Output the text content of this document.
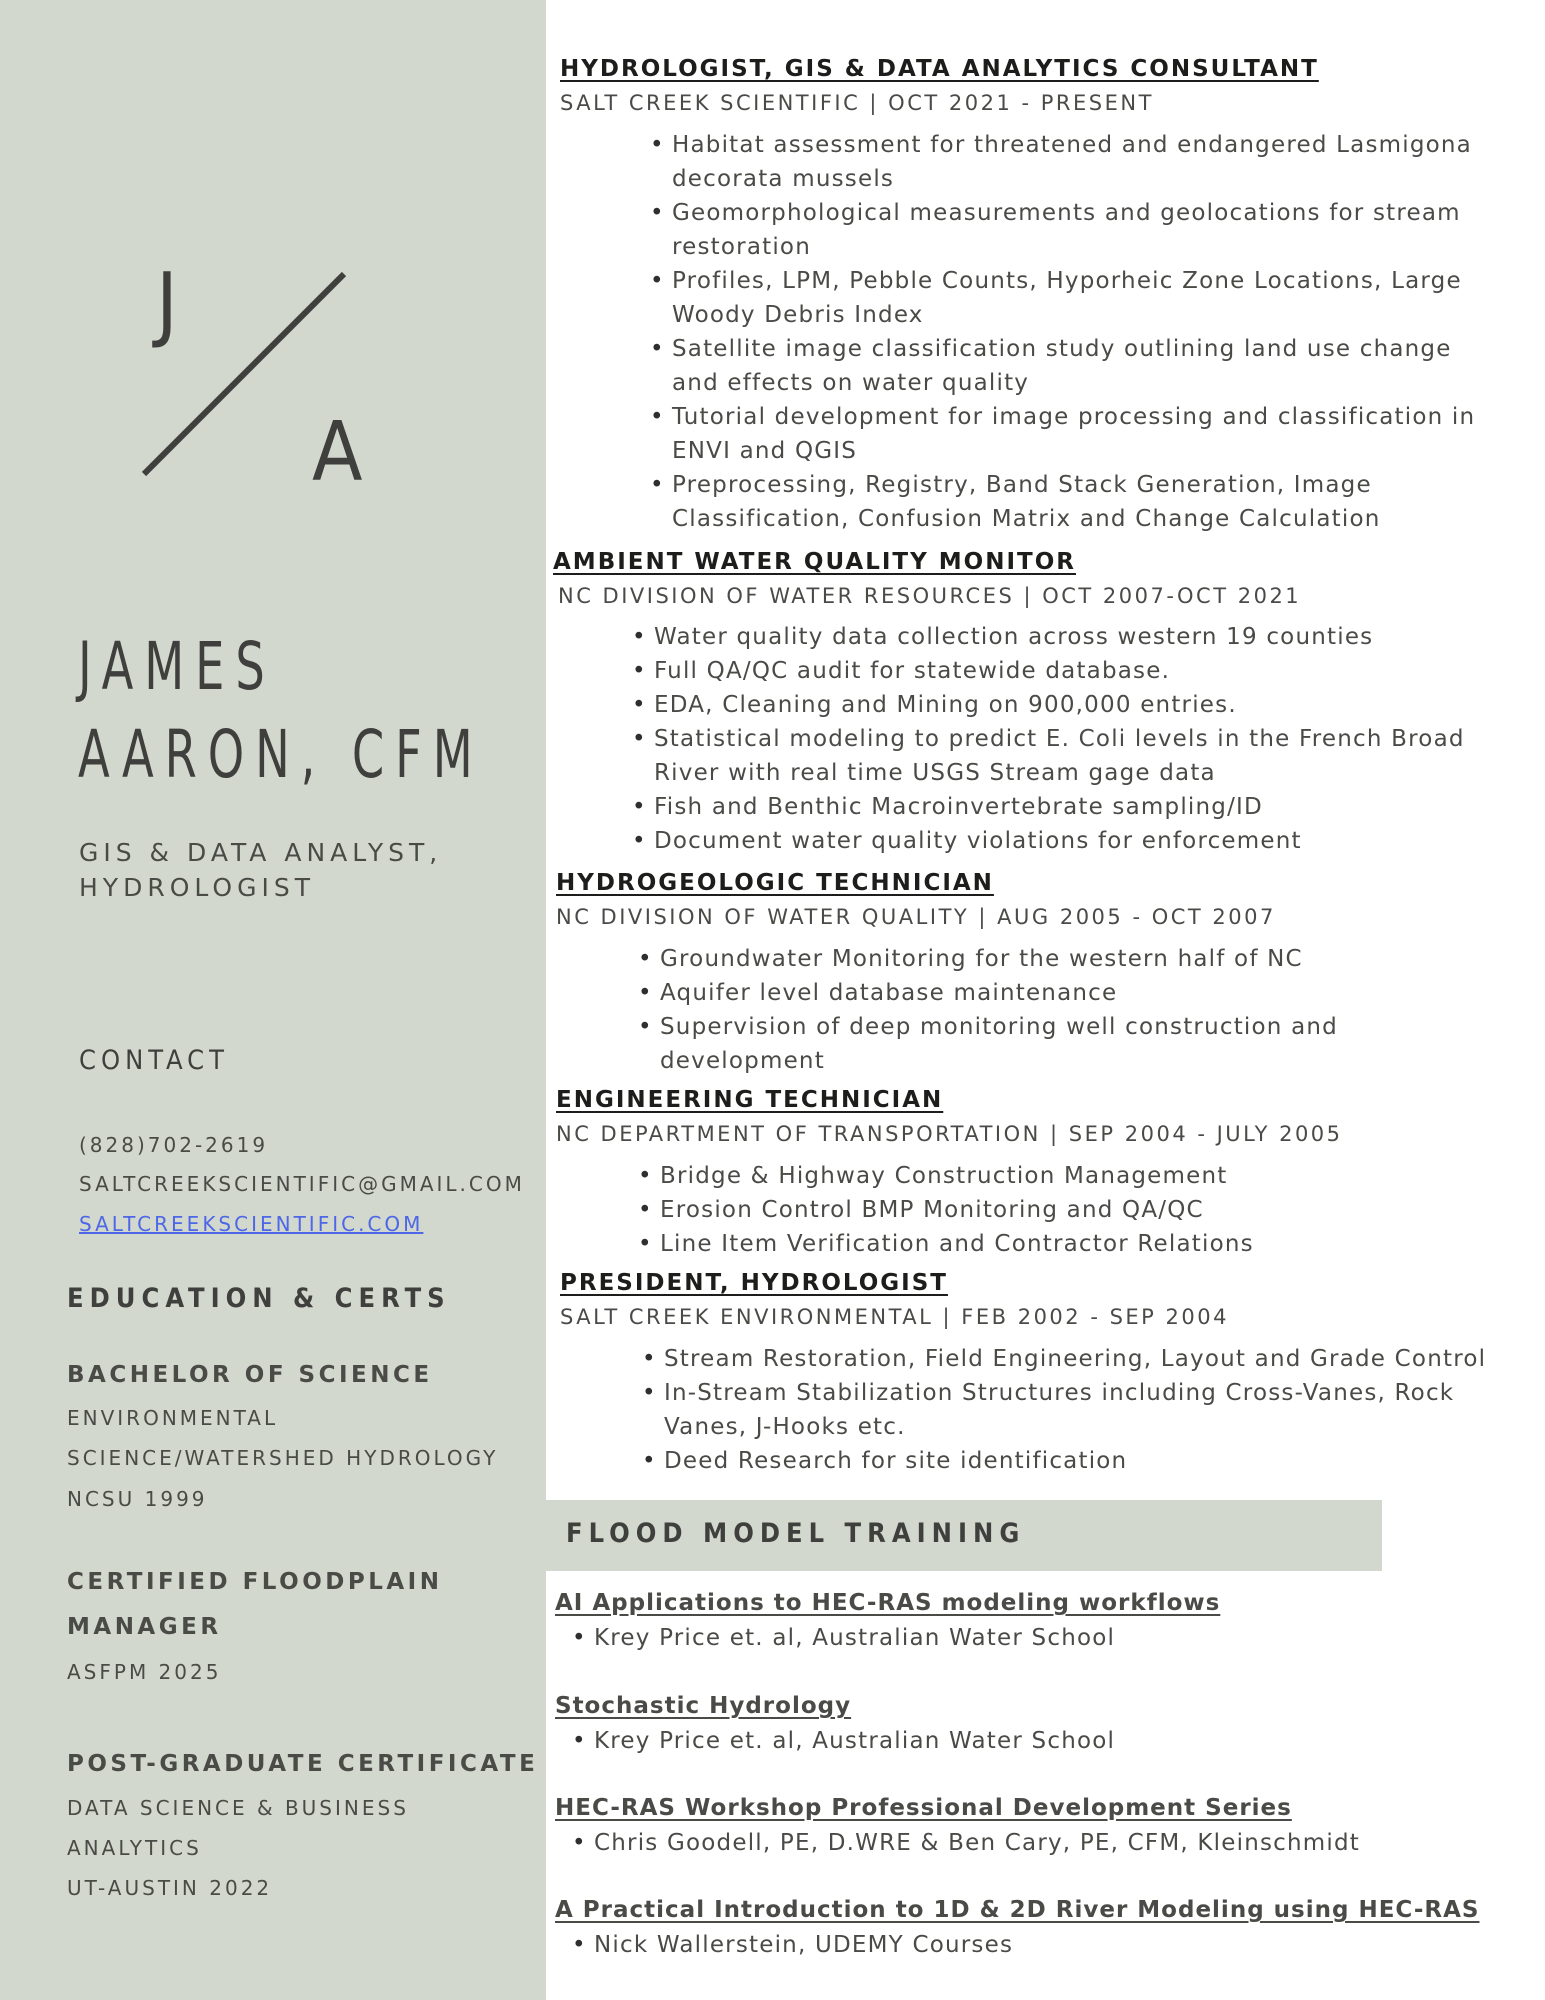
J
A
JAMES
AARON, CFM
GIS & DATA ANALYST,
HYDROLOGIST
CONTACT
(828)702-2619
SALTCREEKSCIENTIFIC@GMAIL.COM
SALTCREEKSCIENTIFIC.COM
EDUCATION & CERTS
BACHELOR OF SCIENCE
ENVIRONMENTAL
SCIENCE/WATERSHED HYDROLOGY
NCSU 1999
CERTIFIED FLOODPLAIN
MANAGER
ASFPM 2025
POST-GRADUATE CERTIFICATE
DATA SCIENCE & BUSINESS
ANALYTICS
UT-AUSTIN 2022
HYDROLOGIST, GIS & DATA ANALYTICS CONSULTANT
SALT CREEK SCIENTIFIC | OCT 2021 - PRESENT
• Habitat assessment for threatened and endangered Lasmigona
decorata mussels
• Geomorphological measurements and geolocations for stream
restoration
• Profiles, LPM, Pebble Counts, Hyporheic Zone Locations, Large
Woody Debris Index
• Satellite image classification study outlining land use change
and effects on water quality
• Tutorial development for image processing and classification in
ENVI and QGIS
• Preprocessing, Registry, Band Stack Generation, Image
Classification, Confusion Matrix and Change Calculation
AMBIENT WATER QUALITY MONITOR
NC DIVISION OF WATER RESOURCES | OCT 2007-OCT 2021
• Water quality data collection across western 19 counties
• Full QA/QC audit for statewide database.
• EDA, Cleaning and Mining on 900,000 entries.
• Statistical modeling to predict E. Coli levels in the French Broad
River with real time USGS Stream gage data
• Fish and Benthic Macroinvertebrate sampling/ID
• Document water quality violations for enforcement
HYDROGEOLOGIC TECHNICIAN
NC DIVISION OF WATER QUALITY | AUG 2005 - OCT 2007
• Groundwater Monitoring for the western half of NC
• Aquifer level database maintenance
• Supervision of deep monitoring well construction and
development
ENGINEERING TECHNICIAN
NC DEPARTMENT OF TRANSPORTATION | SEP 2004 - JULY 2005
• Bridge & Highway Construction Management
• Erosion Control BMP Monitoring and QA/QC
• Line Item Verification and Contractor Relations
PRESIDENT, HYDROLOGIST
SALT CREEK ENVIRONMENTAL | FEB 2002 - SEP 2004
• Stream Restoration, Field Engineering, Layout and Grade Control
• In-Stream Stabilization Structures including Cross-Vanes, Rock
Vanes, J-Hooks etc.
• Deed Research for site identification
FLOOD MODEL TRAINING
AI Applications to HEC-RAS modeling workflows
• Krey Price et. al, Australian Water School
Stochastic Hydrology
• Krey Price et. al, Australian Water School
HEC-RAS Workshop Professional Development Series
• Chris Goodell, PE, D.WRE & Ben Cary, PE, CFM, Kleinschmidt
A Practical Introduction to 1D & 2D River Modeling using HEC-RAS
• Nick Wallerstein, UDEMY Courses
